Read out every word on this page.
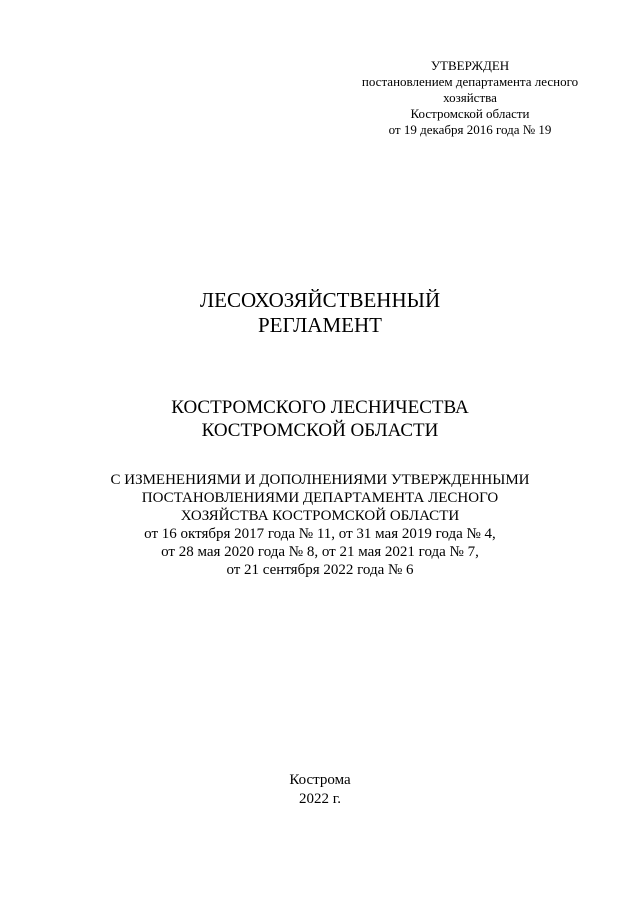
УТВЕРЖДЕН
постановлением департамента лесного
хозяйства
Костромской области
от 19 декабря 2016 года № 19
ЛЕСОХОЗЯЙСТВЕННЫЙ
РЕГЛАМЕНТ
КОСТРОМСКОГО ЛЕСНИЧЕСТВА
КОСТРОМСКОЙ ОБЛАСТИ
С ИЗМЕНЕНИЯМИ И ДОПОЛНЕНИЯМИ УТВЕРЖДЕННЫМИ
ПОСТАНОВЛЕНИЯМИ ДЕПАРТАМЕНТА ЛЕСНОГО
ХОЗЯЙСТВА КОСТРОМСКОЙ ОБЛАСТИ
от 16 октября 2017 года № 11, от 31 мая 2019 года № 4,
от 28 мая 2020 года № 8, от 21 мая 2021 года № 7,
от 21 сентября 2022 года № 6
Кострома
2022 г.
